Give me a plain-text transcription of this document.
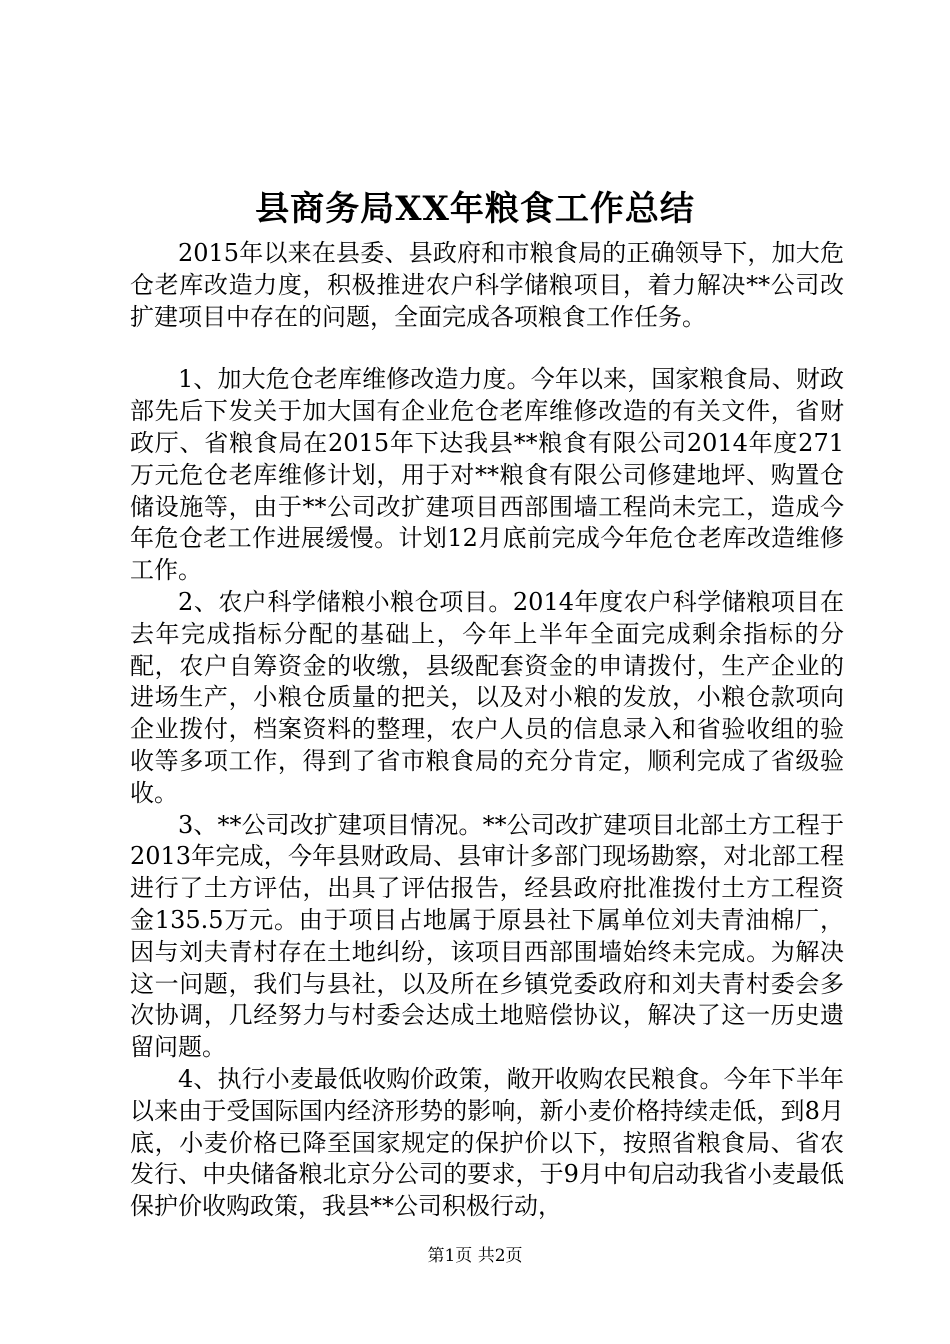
县商务局XX年粮食工作总结

2015年以来在县委、县政府和市粮食局的正确领导下，加大危仓老库改造力度，积极推进农户科学储粮项目，着力解决**公司改扩建项目中存在的问题，全面完成各项粮食工作任务。

1、加大危仓老库维修改造力度。今年以来，国家粮食局、财政部先后下发关于加大国有企业危仓老库维修改造的有关文件，省财政厅、省粮食局在2015年下达我县**粮食有限公司2014年度271万元危仓老库维修计划，用于对**粮食有限公司修建地坪、购置仓储设施等，由于**公司改扩建项目西部围墙工程尚未完工，造成今年危仓老工作进展缓慢。计划12月底前完成今年危仓老库改造维修工作。

2、农户科学储粮小粮仓项目。2014年度农户科学储粮项目在去年完成指标分配的基础上，今年上半年全面完成剩余指标的分配，农户自筹资金的收缴，县级配套资金的申请拨付，生产企业的进场生产，小粮仓质量的把关，以及对小粮的发放，小粮仓款项向企业拨付，档案资料的整理，农户人员的信息录入和省验收组的验收等多项工作，得到了省市粮食局的充分肯定，顺利完成了省级验收。

3、**公司改扩建项目情况。**公司改扩建项目北部土方工程于2013年完成，今年县财政局、县审计多部门现场勘察，对北部工程进行了土方评估，出具了评估报告，经县政府批准拨付土方工程资金135.5万元。由于项目占地属于原县社下属单位刘夫青油棉厂，因与刘夫青村存在土地纠纷，该项目西部围墙始终未完成。为解决这一问题，我们与县社，以及所在乡镇党委政府和刘夫青村委会多次协调，几经努力与村委会达成土地赔偿协议，解决了这一历史遗留问题。

4、执行小麦最低收购价政策，敞开收购农民粮食。今年下半年以来由于受国际国内经济形势的影响，新小麦价格持续走低，到8月底，小麦价格已降至国家规定的保护价以下，按照省粮食局、省农发行、中央储备粮北京分公司的要求，于9月中旬启动我省小麦最低保护价收购政策，我县**公司积极行动，

第1页 共2页
